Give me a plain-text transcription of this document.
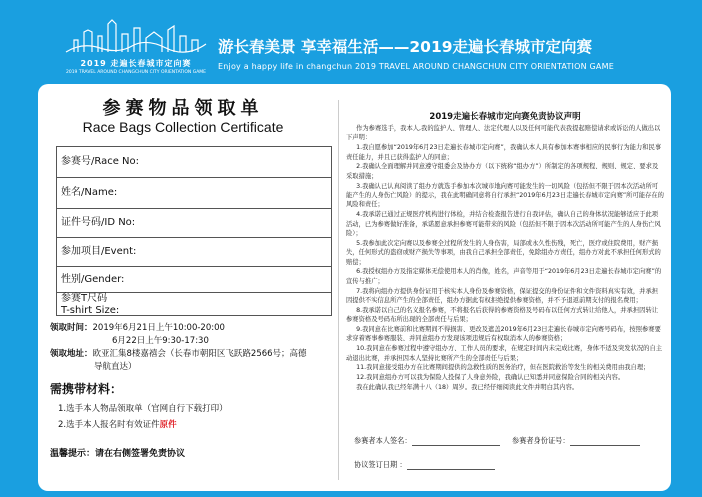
2019 走遍长春城市定向赛
2019 TRAVEL AROUND CHANGCHUN CITY ORIENTATION GAME
游长春美景 享幸福生活——2019走遍长春城市定向赛
Enjoy a happy life in changchun 2019 TRAVEL AROUND CHANGCHUN CITY ORIENTATION GAME
参赛物品领取单
Race Bags Collection Certificate
参赛号/Race No:
姓名/Name:
证件号码/ID No:
参加项目/Event:
性别/Gender:
参赛T尺码
T-shirt Size:
领取时间：2019年6月21日上午10:00-20:00
6月22日上午9:30-17:30
领取地址：欧亚汇集8楼嘉禧会（长春市朝阳区飞跃路2566号；高德
导航直达）
需携带材料：
1.选手本人物品领取单（官网自行下载打印）
2.选手本人报名时有效证件原件
温馨提示：请在右侧签署免责协议
2019走遍长春城市定向赛免责协议声明

作为参赛选手，我本人,我的监护人、管理人、法定代理人以及任何可能代表我提起赔偿请求或诉讼的人做出以下声明：

1.我自愿参加“2019年6月23日走遍长春城市定向赛”，我确认本人具有参加本赛事相应的民事行为能力和民事责任能力，并且已获得监护人的同意；

2.我确认全面理解并同意遵守组委会及协办方（以下统称“组办方”）所制定的各项规程、规则、规定、要求及采取措施；

3.我确认已认真阅读了组办方就选手参加本次城市地向赛可能发生的一切风险（包括但不限于因本次活动所可能产生的人身伤亡风险）的提示，我在此明确同意将自行承担“2019年6月23日走遍长春城市定向赛”所可能存在的风险和责任；

4.我承诺已通过正规医疗机构进行体检，并结合检查报告进行自我评估，确认自己的身体状况能够适应于此项活动，已为参赛做好准备，承诺愿意承担参赛可能带来的风险（包括但不限于因本次活动所可能产生的人身伤亡风险）；

5.我参加此次定向赛以及参赛全过程所发生的人身伤害，局部或永久性伤残，死亡，医疗或住院费用，财产损失，任何形式的盗窃或财产损失等事项，由我自己承担全部责任，免除组办方责任，组办方对此不承担任何形式的赔偿；

6.我授权组办方及指定媒体无偿使用本人的肖像，姓名，声音等用于“2019年6月23日走遍长春城市定向赛”的宣传与推广；

7.我将向组办方提供身份证用于核实本人身份及参赛资格，保证提交的身份证件和文件资料真实有效，并承担因提供不实信息所产生的全部责任，组办方据此有权拒绝提供参赛资格，并不予退返前期支付的报名费用；

8.我承诺以自己的名义报名参赛，不将报名后获得的参赛资格及号码布以任何方式转让给他人，并承担因转让参赛资格及号码布所出现的全部责任与后果；

9.我同意在比赛前和比赛期间不得损害、更改及遮盖2019年6月23日走遍长春城市定向赛号码布，按照参赛要求穿着赛事参赛服装、并同意组办方发现该项违规后有权取消本人的参赛资格；

10.我同意在参赛过程中遵守组办方、工作人员的要求，在规定时间内未完成比赛，身体不适及突发状况的自主动退出比赛，并承担因本人坚持比赛所产生的全部责任与后果；

11.我同意接受组办方在比赛期间提供的急救性质的医务治疗，但在医院救治等发生的相关费用由我自理；

12.我同意组办方可以我为保险人投保了人身意外险，我确认已知悉并同意保险合同的相关内容。

我在此确认我已经年满十八（18）周岁。我已经仔细阅读此文件并明白其内容。

参赛者本人签名：	参赛者身份证号：
协议签订日期 ：
